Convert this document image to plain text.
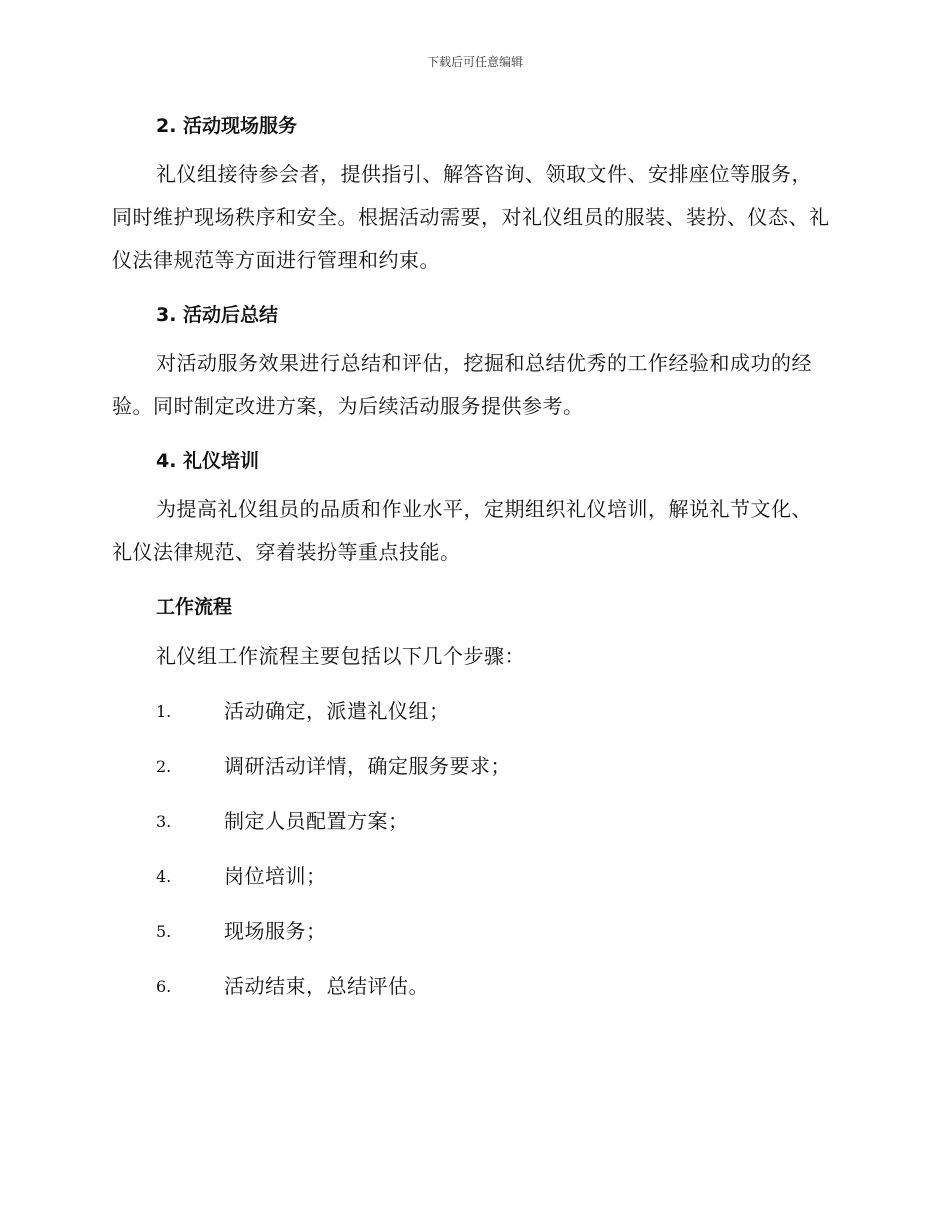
下载后可任意编辑
2. 活动现场服务

礼仪组接待参会者，提供指引、解答咨询、领取文件、安排座位等服务，同时维护现场秩序和安全。根据活动需要，对礼仪组员的服装、装扮、仪态、礼仪法律规范等方面进行管理和约束。

3. 活动后总结

对活动服务效果进行总结和评估，挖掘和总结优秀的工作经验和成功的经验。同时制定改进方案，为后续活动服务提供参考。

4. 礼仪培训

为提高礼仪组员的品质和作业水平，定期组织礼仪培训，解说礼节文化、礼仪法律规范、穿着装扮等重点技能。

工作流程

礼仪组工作流程主要包括以下几个步骤：

1.	活动确定，派遣礼仪组；
2.	调研活动详情，确定服务要求；
3.	制定人员配置方案；
4.	岗位培训；
5.	现场服务；
6.	活动结束，总结评估。
